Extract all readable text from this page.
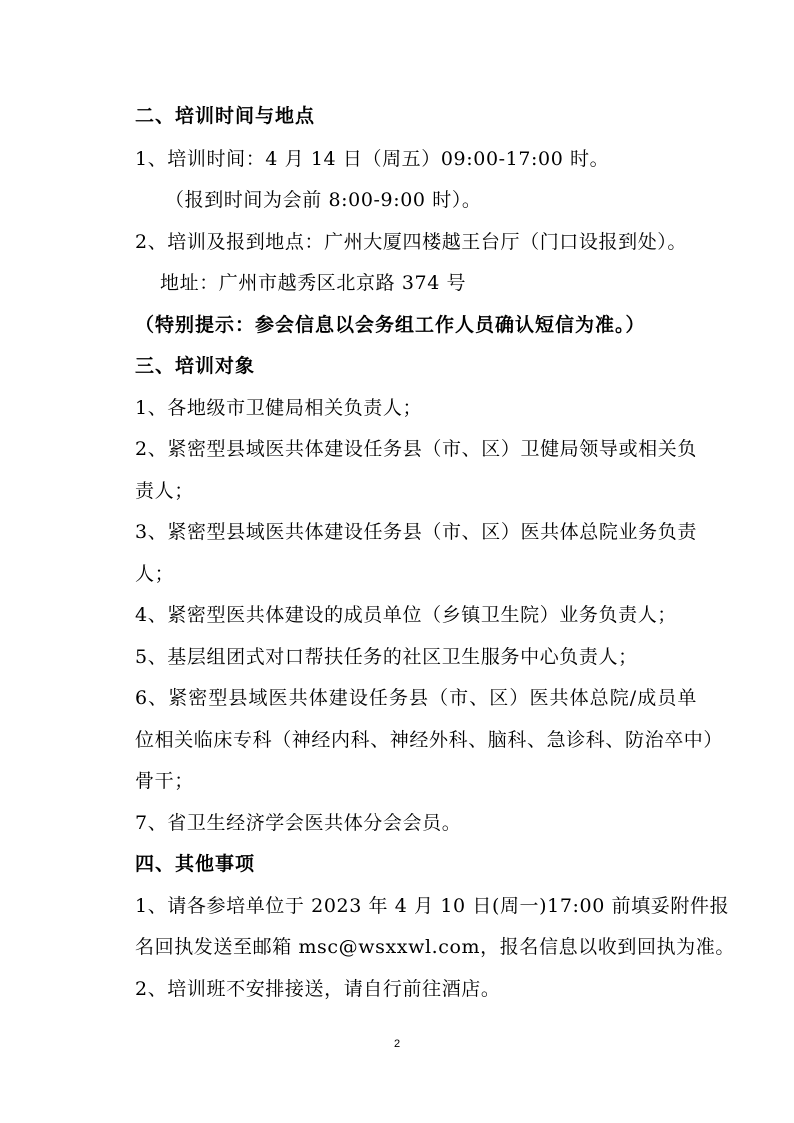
二、培训时间与地点
1、培训时间：4 月 14 日（周五）09:00-17:00 时。
（报到时间为会前 8:00-9:00 时）。
2、培训及报到地点：广州大厦四楼越王台厅（门口设报到处）。
地址：广州市越秀区北京路 374 号
（特别提示：参会信息以会务组工作人员确认短信为准。）
三、培训对象
1、各地级市卫健局相关负责人；
2、紧密型县域医共体建设任务县（市、区）卫健局领导或相关负
责人；
3、紧密型县域医共体建设任务县（市、区）医共体总院业务负责
人；
4、紧密型医共体建设的成员单位（乡镇卫生院）业务负责人；
5、基层组团式对口帮扶任务的社区卫生服务中心负责人；
6、紧密型县域医共体建设任务县（市、区）医共体总院/成员单
位相关临床专科（神经内科、神经外科、脑科、急诊科、防治卒中）
骨干；
7、省卫生经济学会医共体分会会员。
四、其他事项
1、请各参培单位于 2023 年 4 月 10 日(周一)17:00 前填妥附件报
名回执发送至邮箱 msc@wsxxwl.com，报名信息以收到回执为准。
2、培训班不安排接送，请自行前往酒店。
2
